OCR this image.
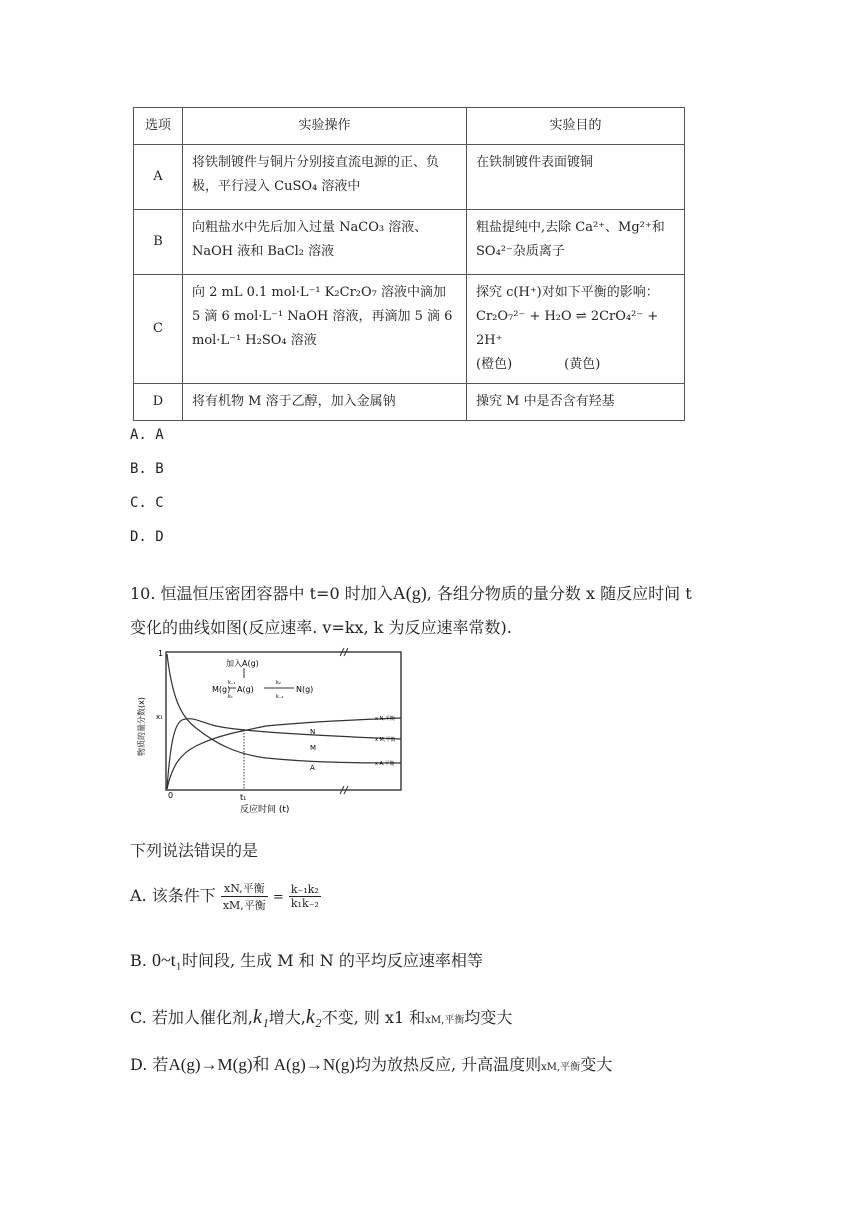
选项	实验操作	实验目的
A	将铁制镀件与铜片分别接直流电源的正、负极，平行浸入 CuSO₄ 溶液中	在铁制镀件表面镀铜
B	向粗盐水中先后加入过量 NaCO₃ 溶液、NaOH 液和 BaCl₂ 溶液	粗盐提纯中,去除 Ca²⁺、Mg²⁺和 SO₄²⁻杂质离子
C	向 2 mL 0.1 mol·L⁻¹ K₂Cr₂O₇ 溶液中滴加 5 滴 6 mol·L⁻¹ NaOH 溶液，再滴加 5 滴 6 mol·L⁻¹ H₂SO₄ 溶液	探究 c(H⁺)对如下平衡的影响：
Cr₂O₇²⁻ + H₂O ⇌ 2CrO₄²⁻ + 2H⁺
(橙色)　　　　(黄色)

D	将有机物 M 溶于乙醇，加入金属钠	操究 M 中是否含有羟基
A. A
B. B
C. C
D. D
10. 恒温恒压密团容器中 t=0 时加入A(g), 各组分物质的量分数 x 随反应时间 t
变化的曲线如图(反应速率. v=kx, k 为反应速率常数).
1
x₁
0	t₁
反应时间 (t)
物质的量分数(x)
加入A(g)
M(g) A(g)	N(g)
k₋₁
k₁
k₂
k₋₂
N
M
A
x N,平衡
x M,平衡
x A,平衡
下列说法错误的是
A. 该条件下 $\frac{\text{xN,平衡}}{\text{xM,平衡}} = \frac{\text{k₋₁k₂}}{\text{k₁k₋₂}}$
B. 0~t₁时间段, 生成 M 和 N 的平均反应速率相等
C. 若加人催化剂,k₁增大,k₂不变, 则 x1 和xM,平衡均变大
D. 若A(g)→M(g)和 A(g)→N(g)均为放热反应, 升高温度则xM,平衡变大
